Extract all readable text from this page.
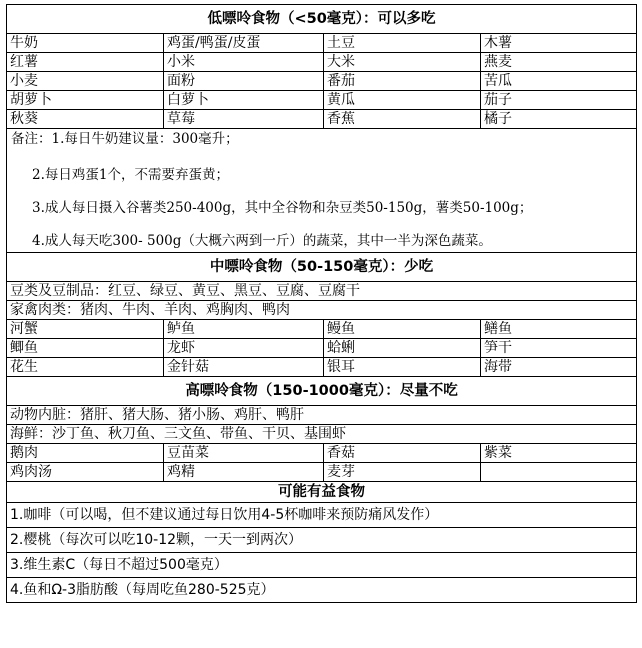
低嘌呤食物（<50毫克）：可以多吃			
牛奶	鸡蛋/鸭蛋/皮蛋	土豆	木薯
红薯	小米	大米	燕麦
小麦	面粉	番茄	苦瓜
胡萝卜	白萝卜	黄瓜	茄子
秋葵	草莓	香蕉	橘子

备注：1.每日牛奶建议量：300毫升；

2.每日鸡蛋1个，不需要弃蛋黄；

3.成人每日摄入谷薯类250-400g，其中全谷物和杂豆类50-150g，薯类50-100g；

4.成人每天吃300- 500g（大概六两到一斤）的蔬菜，其中一半为深色蔬菜。			

中嘌呤食物（50-150毫克）：少吃			
豆类及豆制品：红豆、绿豆、黄豆、黑豆、豆腐、豆腐干			
家禽肉类：猪肉、牛肉、羊肉、鸡胸肉、鸭肉			
河蟹	鲈鱼	鳗鱼	鳝鱼
鲫鱼	龙虾	蛤蜊	笋干
花生	金针菇	银耳	海带
高嘌呤食物（150-1000毫克）：尽量不吃			
动物内脏：猪肝、猪大肠、猪小肠、鸡肝、鸭肝			
海鲜：沙丁鱼、秋刀鱼、三文鱼、带鱼、干贝、基围虾			
鹅肉	豆苗菜	香菇	紫菜
鸡肉汤	鸡精	麦芽	
可能有益食物			
1.咖啡（可以喝，但不建议通过每日饮用4-5杯咖啡来预防痛风发作）			
2.樱桃（每次可以吃10-12颗，一天一到两次）			
3.维生素C（每日不超过500毫克）			
4.鱼和Ω-3脂肪酸（每周吃鱼280-525克）			
